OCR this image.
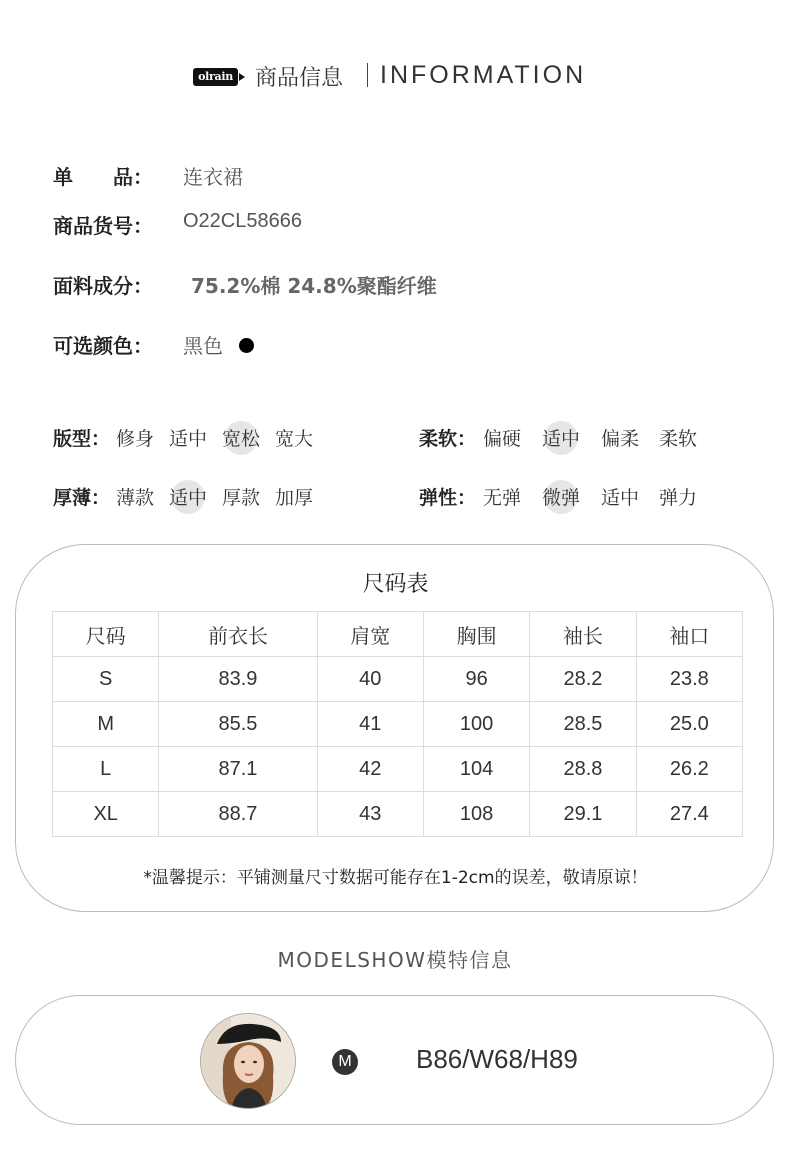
olrain 商品信息 INFORMATION
单　　品： 连衣裙
商品货号： O22CL58666
面料成分： 75.2%棉 24.8%聚酯纤维
可选颜色： 黑色
版型： 修身 适中 宽松 宽大	柔软： 偏硬 适中 偏柔 柔软
厚薄： 薄款 适中 厚款 加厚	弹性： 无弹 微弹 适中 弹力
尺码表
尺码	前衣长	肩宽	胸围	袖长	袖口
S	83.9	40	96	28.2	23.8
M	85.5	41	100	28.5	25.0
L	87.1	42	104	28.8	26.2
XL	88.7	43	108	29.1	27.4
*温馨提示：平铺测量尺寸数据可能存在1-2cm的误差，敬请原谅！
MODELSHOW模特信息
M B86/W68/H89
